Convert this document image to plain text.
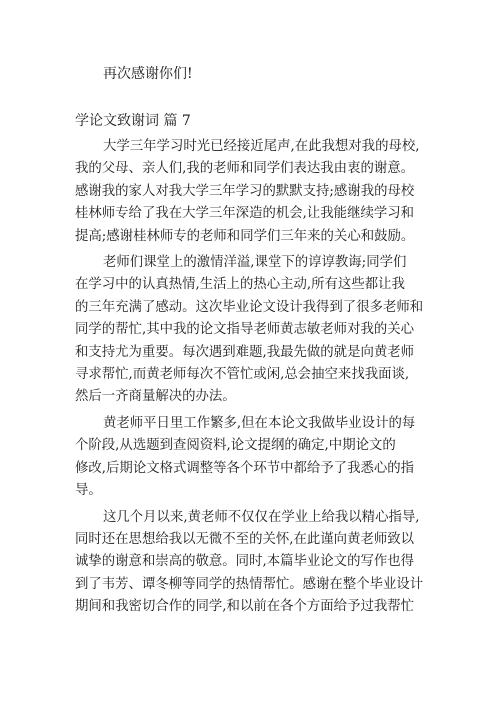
再次感谢你们!
学论文致谢词 篇 7

大学三年学习时光已经接近尾声,在此我想对我的母校,
我的父母、亲人们,我的老师和同学们表达我由衷的谢意。
感谢我的家人对我大学三年学习的默默支持;感谢我的母校
桂林师专给了我在大学三年深造的机会,让我能继续学习和
提高;感谢桂林师专的老师和同学们三年来的关心和鼓励。

老师们课堂上的激情洋溢,课堂下的谆谆教诲;同学们
在学习中的认真热情,生活上的热心主动,所有这些都让我
的三年充满了感动。这次毕业论文设计我得到了很多老师和
同学的帮忙,其中我的论文指导老师黄志敏老师对我的关心
和支持尤为重要。每次遇到难题,我最先做的就是向黄老师
寻求帮忙,而黄老师每次不管忙或闲,总会抽空来找我面谈,
然后一齐商量解决的办法。

黄老师平日里工作繁多,但在本论文我做毕业设计的每
个阶段,从选题到查阅资料,论文提纲的确定,中期论文的
修改,后期论文格式调整等各个环节中都给予了我悉心的指
导。

这几个月以来,黄老师不仅仅在学业上给我以精心指导,
同时还在思想给我以无微不至的关怀,在此谨向黄老师致以
诚挚的谢意和崇高的敬意。同时,本篇毕业论文的写作也得
到了韦芳、谭冬柳等同学的热情帮忙。感谢在整个毕业设计
期间和我密切合作的同学,和以前在各个方面给予过我帮忙
